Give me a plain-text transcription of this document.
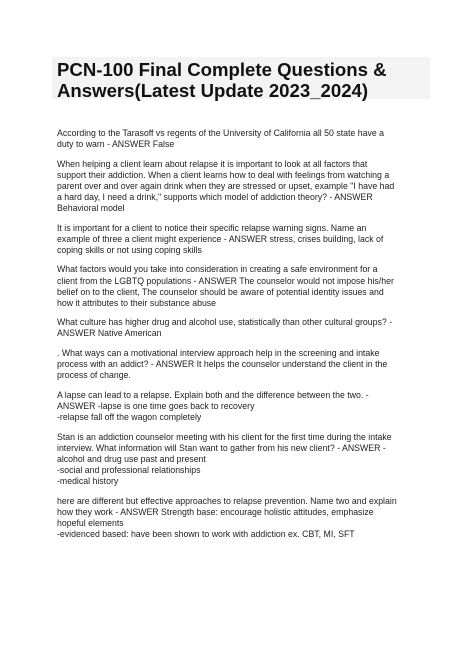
PCN-100 Final Complete Questions &
Answers(Latest Update 2023_2024)

According to the Tarasoff vs regents of the University of California all 50 state have a
duty to warn - ANSWER False

When helping a client learn about relapse it is important to look at all factors that
support their addiction. When a client learns how to deal with feelings from watching a
parent over and over again drink when they are stressed or upset, example "I have had
a hard day, I need a drink," supports which model of addiction theory? - ANSWER
Behavioral model

It is important for a client to notice their specific relapse warning signs. Name an
example of three a client might experience - ANSWER stress, crises building, lack of
coping skills or not using coping skills

What factors would you take into consideration in creating a safe environment for a
client from the LGBTQ populations - ANSWER The counselor would not impose his/her
belief on to the client, The counselor should be aware of potential identity issues and
how it attributes to their substance abuse

What culture has higher drug and alcohol use, statistically than other cultural groups? -
ANSWER Native American

. What ways can a motivational interview approach help in the screening and intake
process with an addict? - ANSWER It helps the counselor understand the client in the
process of change.

A lapse can lead to a relapse. Explain both and the difference between the two. -
ANSWER -lapse is one time goes back to recovery
-relapse fall off the wagon completely

Stan is an addiction counselor meeting with his client for the first time during the intake
interview. What information will Stan want to gather from his new client? - ANSWER -
alcohol and drug use past and present
-social and professional relationships
-medical history

here are different but effective approaches to relapse prevention. Name two and explain
how they work - ANSWER Strength base: encourage holistic attitudes, emphasize
hopeful elements
-evidenced based: have been shown to work with addiction ex. CBT, MI, SFT
